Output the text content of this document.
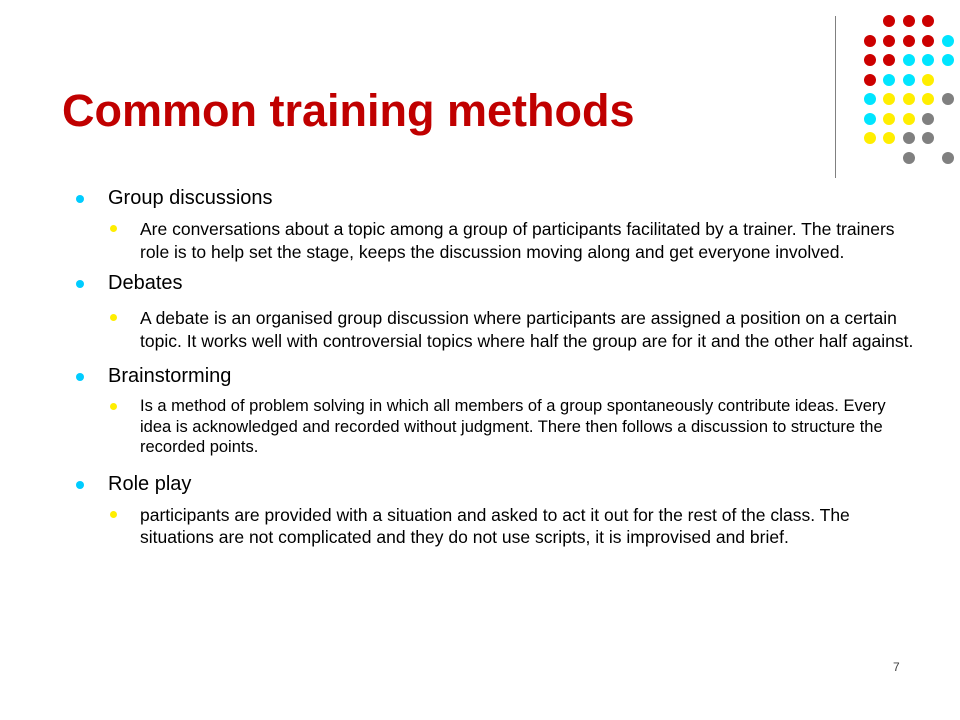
Common training methods
Group discussions
Are conversations about a topic among a group of participants facilitated by a trainer. The trainers role is to help set the stage, keeps the discussion moving along and get everyone involved.
Debates
A debate is an organised group discussion where participants are assigned a position on a certain topic. It works well with controversial topics where half the group are for it and the other half against.
Brainstorming
Is a method of problem solving in which all members of a group spontaneously contribute ideas. Every idea is acknowledged and recorded without judgment. There then follows a discussion to structure the recorded points.
Role play
participants are provided with a situation and asked to act it out for the rest of the class. The situations are not complicated and they do not use scripts, it is improvised and brief.
7
